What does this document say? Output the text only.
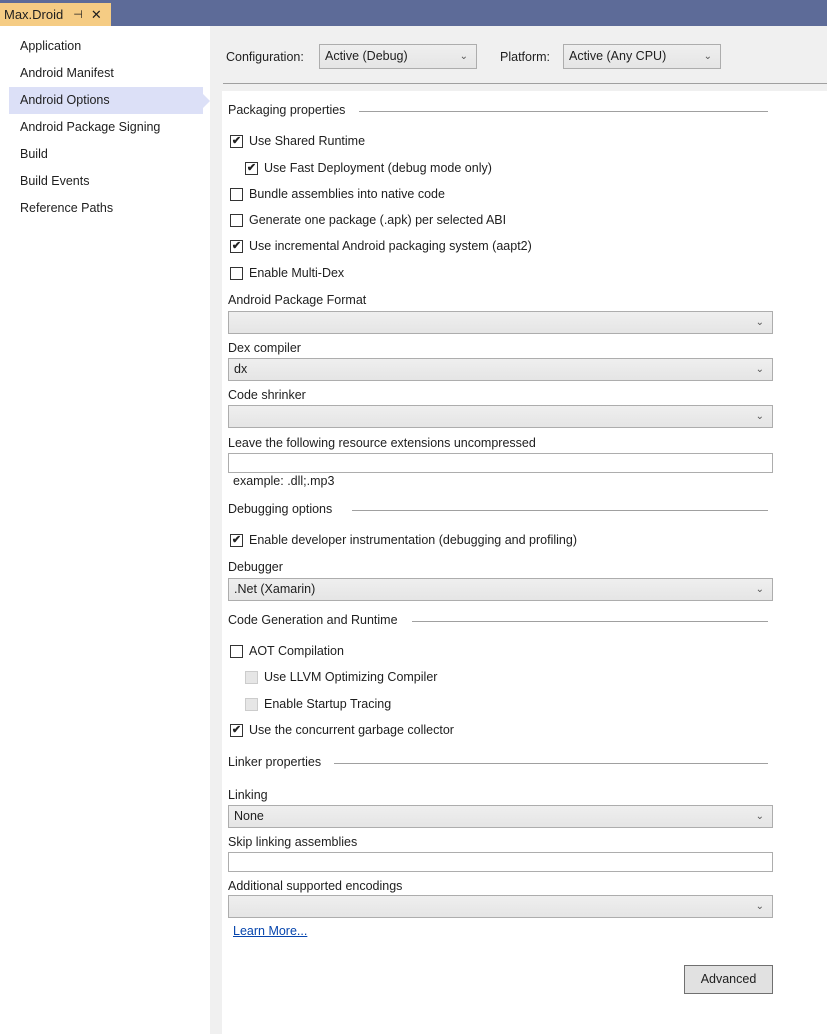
Max.Droid ⊣ ✕
Application
Android Manifest
Android Options
Android Package Signing
Build
Build Events
Reference Paths
Configuration:	Active (Debug)	⌄	Platform:	Active (Any CPU)	⌄
Packaging properties
✔ Use Shared Runtime
✔ Use Fast Deployment (debug mode only)
Bundle assemblies into native code
Generate one package (.apk) per selected ABI
✔ Use incremental Android packaging system (aapt2)
Enable Multi-Dex
Android Package Format
⌄
Dex compiler
dx	⌄
Code shrinker
⌄
Leave the following resource extensions uncompressed
example: .dll;.mp3
Debugging options
✔ Enable developer instrumentation (debugging and profiling)
Debugger
.Net (Xamarin)	⌄
Code Generation and Runtime
AOT Compilation
Use LLVM Optimizing Compiler
Enable Startup Tracing
✔ Use the concurrent garbage collector
Linker properties
Linking
None	⌄
Skip linking assemblies
Additional supported encodings
⌄
Learn More...
Advanced
